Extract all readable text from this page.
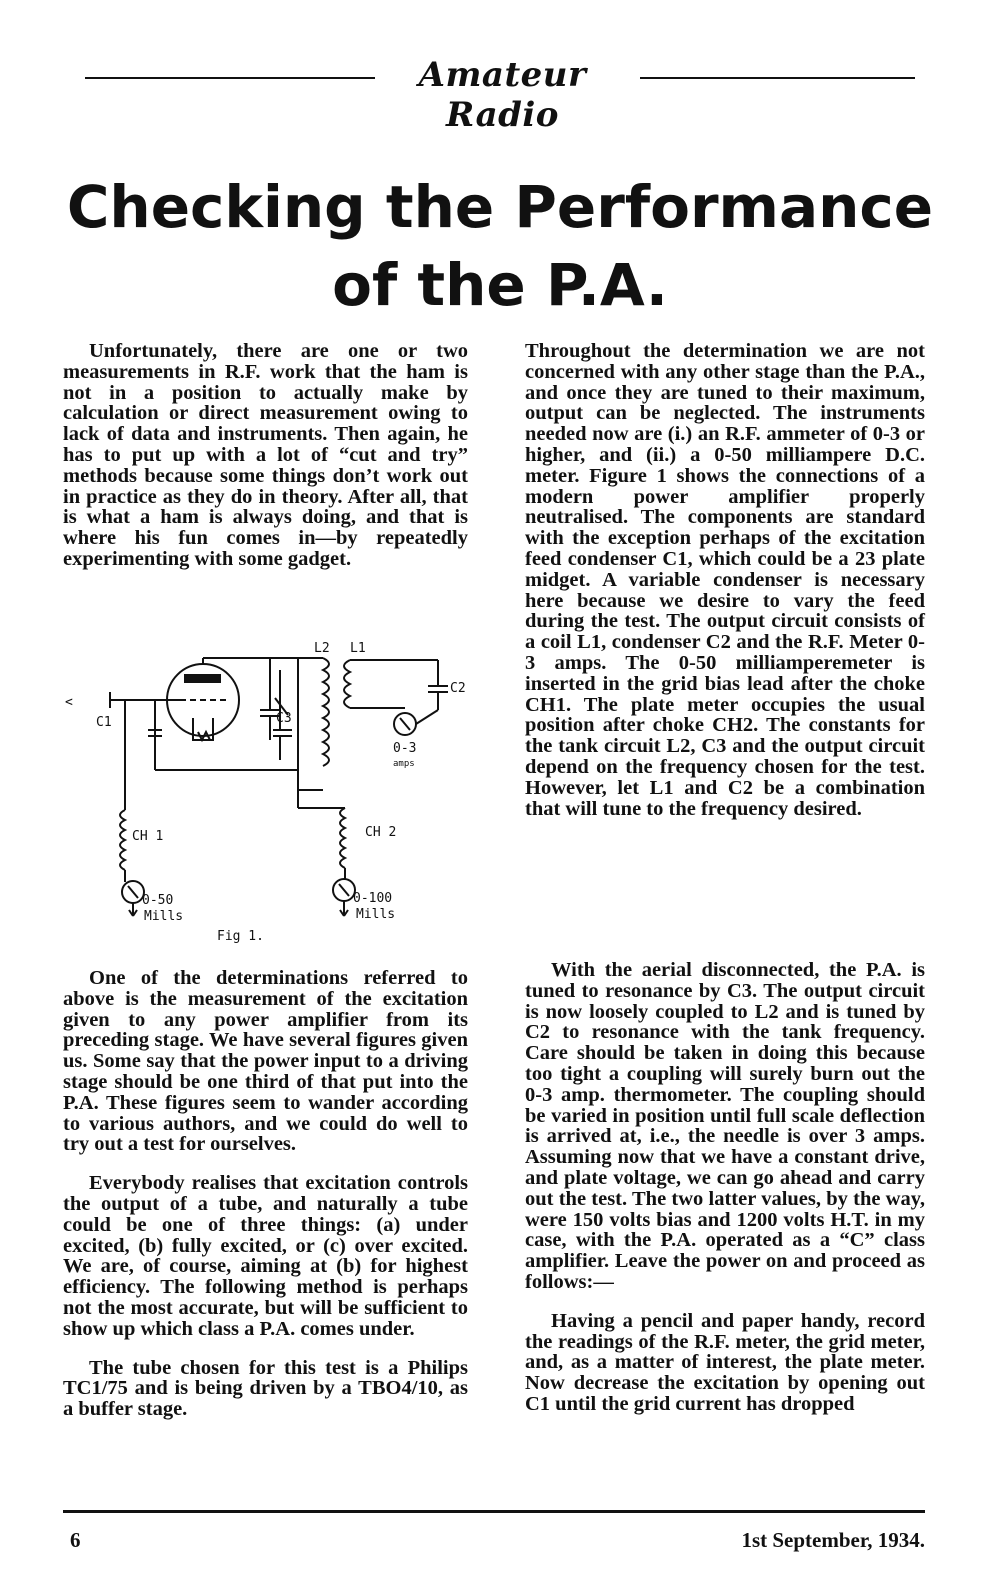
Amateur Radio
Checking the Performance
of the P.A.

Unfortunately, there are one or two measurements in R.F. work that the ham is not in a position to actually make by calculation or direct measurement owing to lack of data and instruments. Then again, he has to put up with a lot of “cut and try” methods because some things don’t work out in practice as they do in theory. After all, that is what a ham is always doing, and that is where his fun comes in—by repeatedly experimenting with some gadget.

<
C1
C2
C3
L2 L1
CH 1	CH 2
0-3
amps
0-50
Mills
0-100
Mills
Fig 1.

One of the determinations referred to above is the measurement of the excitation given to any power amplifier from its preceding stage. We have several figures given us. Some say that the power input to a driving stage should be one third of that put into the P.A. These figures seem to wander according to various authors, and we could do well to try out a test for ourselves.

Everybody realises that excitation controls the output of a tube, and naturally a tube could be one of three things: (a) under excited, (b) fully excited, or (c) over excited. We are, of course, aiming at (b) for highest efficiency. The following method is perhaps not the most accurate, but will be sufficient to show up which class a P.A. comes under.

The tube chosen for this test is a Philips TC1/75 and is being driven by a TBO4/10, as a buffer stage.

Throughout the determination we are not concerned with any other stage than the P.A., and once they are tuned to their maximum, output can be neglected. The instruments needed now are (i.) an R.F. ammeter of 0-3 or higher, and (ii.) a 0-50 milliampere D.C. meter. Figure 1 shows the connections of a modern power amplifier properly neutralised. The components are standard with the exception perhaps of the excitation feed condenser C1, which could be a 23 plate midget. A variable condenser is necessary here because we desire to vary the feed during the test. The output circuit consists of a coil L1, condenser C2 and the R.F. Meter 0-3 amps. The 0-50 milliamperemeter is inserted in the grid bias lead after the choke CH1. The plate meter occupies the usual position after choke CH2. The constants for the tank circuit L2, C3 and the output circuit depend on the frequency chosen for the test. However, let L1 and C2 be a combination that will tune to the frequency desired.

With the aerial disconnected, the P.A. is tuned to resonance by C3. The output circuit is now loosely coupled to L2 and is tuned by C2 to resonance with the tank frequency. Care should be taken in doing this because too tight a coupling will surely burn out the 0-3 amp. thermometer. The coupling should be varied in position until full scale deflection is arrived at, i.e., the needle is over 3 amps. Assuming now that we have a constant drive, and plate voltage, we can go ahead and carry out the test. The two latter values, by the way, were 150 volts bias and 1200 volts H.T. in my case, with the P.A. operated as a “C” class amplifier. Leave the power on and proceed as follows:—

Having a pencil and paper handy, record the readings of the R.F. meter, the grid meter, and, as a matter of interest, the plate meter. Now decrease the excitation by opening out C1 until the grid current has dropped

6	1st September, 1934.
